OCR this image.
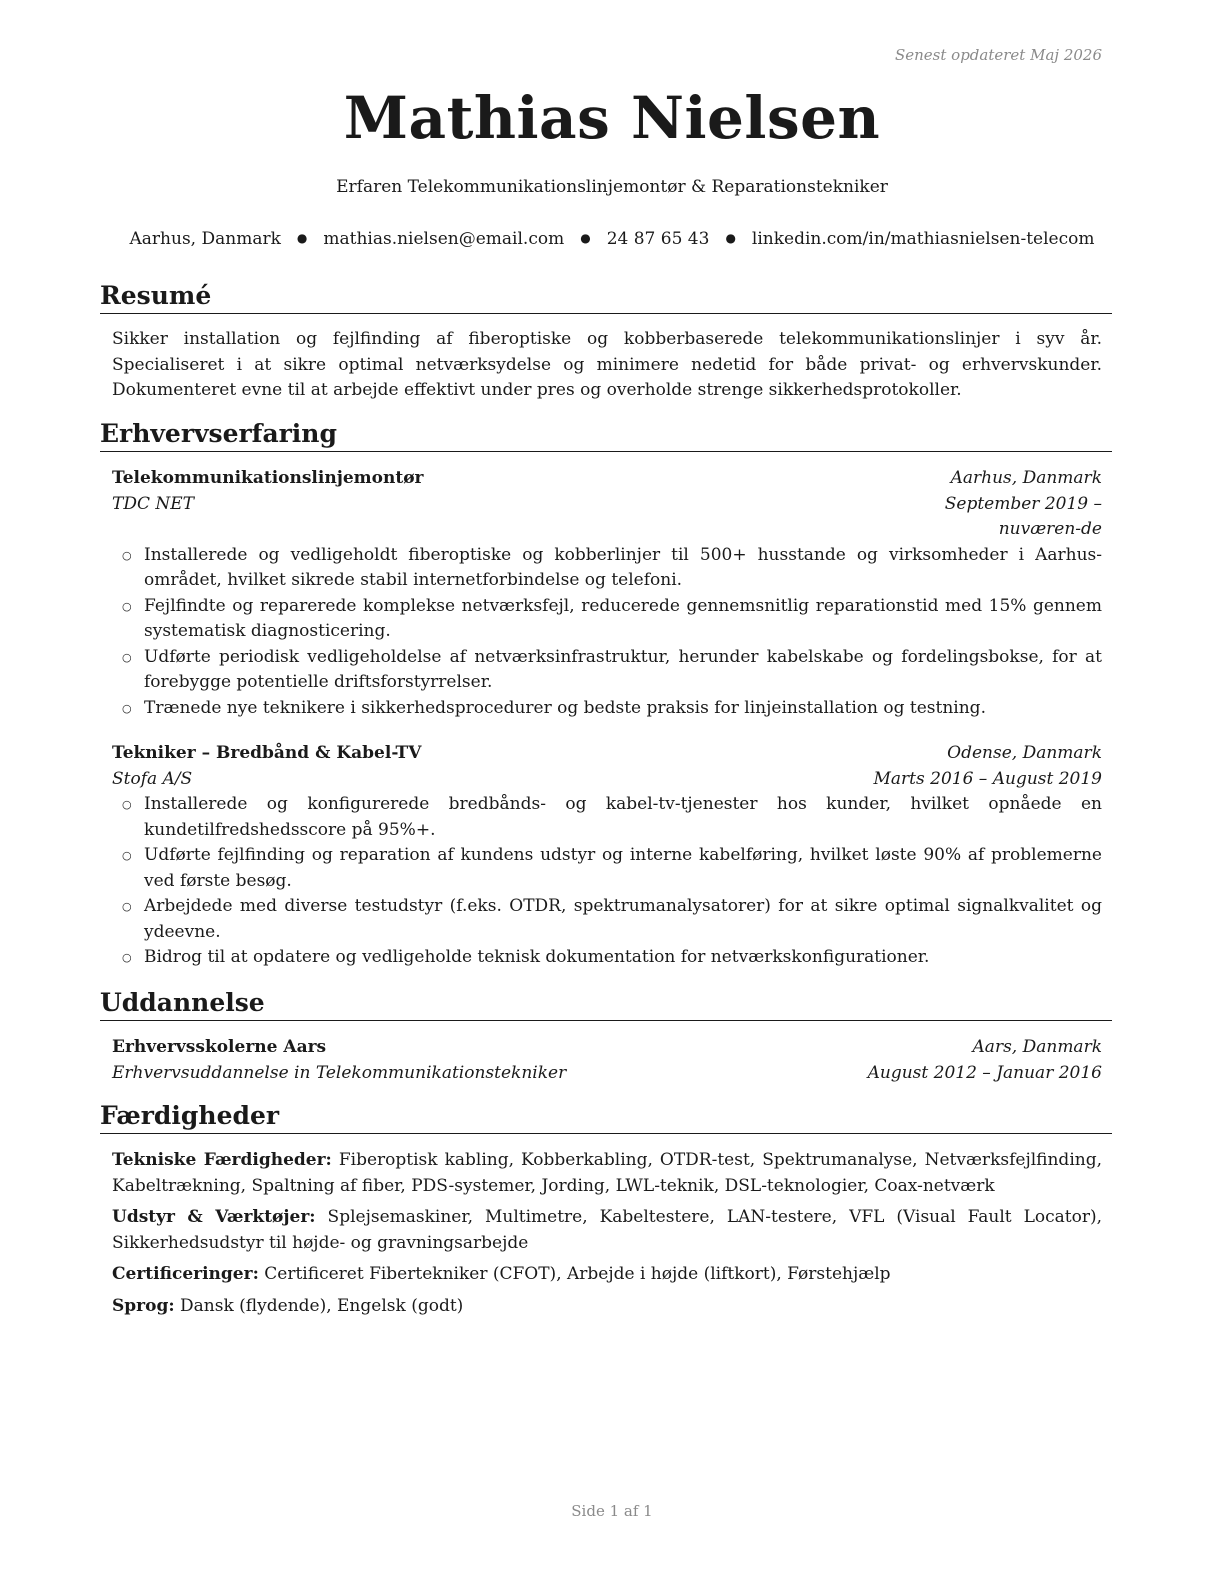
Senest opdateret Maj 2026
Mathias Nielsen
Erfaren Telekommunikationslinjemontør & Reparationstekniker
Aarhus, Danmark ● mathias.nielsen@email.com ● 24 87 65 43 ● linkedin.com/in/mathiasnielsen-telecom
Resumé
Sikker installation og fejlfinding af fiberoptiske og kobberbaserede telekommunikationslinjer i syv år. Specialiseret i at sikre optimal netværksydelse og minimere nedetid for både privat- og erhvervskunder. Dokumenteret evne til at arbejde effektivt under pres og overholde strenge sikkerhedsprotokoller.
Erhvervserfaring
Telekommunikationslinjemontør	Aarhus, Danmark
TDC NET	September 2019 – nuværen-de
○ Installerede og vedligeholdt fiberoptiske og kobberlinjer til 500+ husstande og virksomheder i Aarhus-området, hvilket sikrede stabil internetforbindelse og telefoni.
○ Fejlfindte og reparerede komplekse netværksfejl, reducerede gennemsnitlig reparationstid med 15% gennem systematisk diagnosticering.
○ Udførte periodisk vedligeholdelse af netværksinfrastruktur, herunder kabelskabe og fordelingsbokse, for at forebygge potentielle driftsforstyrrelser.
○ Trænede nye teknikere i sikkerhedsprocedurer og bedste praksis for linjeinstallation og testning.
Tekniker – Bredbånd & Kabel-TV	Odense, Danmark
Stofa A/S	Marts 2016 – August 2019
○ Installerede og konfigurerede bredbånds- og kabel-tv-tjenester hos kunder, hvilket opnåede en kundetilfredshedsscore på 95%+.
○ Udførte fejlfinding og reparation af kundens udstyr og interne kabelføring, hvilket løste 90% af problemerne ved første besøg.
○ Arbejdede med diverse testudstyr (f.eks. OTDR, spektrumanalysatorer) for at sikre optimal signalkvalitet og ydeevne.
○ Bidrog til at opdatere og vedligeholde teknisk dokumentation for netværkskonfigurationer.
Uddannelse
Erhvervsskolerne Aars	Aars, Danmark
Erhvervsuddannelse in Telekommunikationstekniker	August 2012 – Januar 2016
Færdigheder
Tekniske Færdigheder: Fiberoptisk kabling, Kobberkabling, OTDR-test, Spektrumanalyse, Netværksfejlfinding, Kabeltrækning, Spaltning af fiber, PDS-systemer, Jording, LWL-teknik, DSL-teknologier, Coax-netværk
Udstyr & Værktøjer: Splejsemaskiner, Multimetre, Kabeltestere, LAN-testere, VFL (Visual Fault Locator), Sikkerhedsudstyr til højde- og gravningsarbejde
Certificeringer: Certificeret Fibertekniker (CFOT), Arbejde i højde (liftkort), Førstehjælp
Sprog: Dansk (flydende), Engelsk (godt)
Side 1 af 1
